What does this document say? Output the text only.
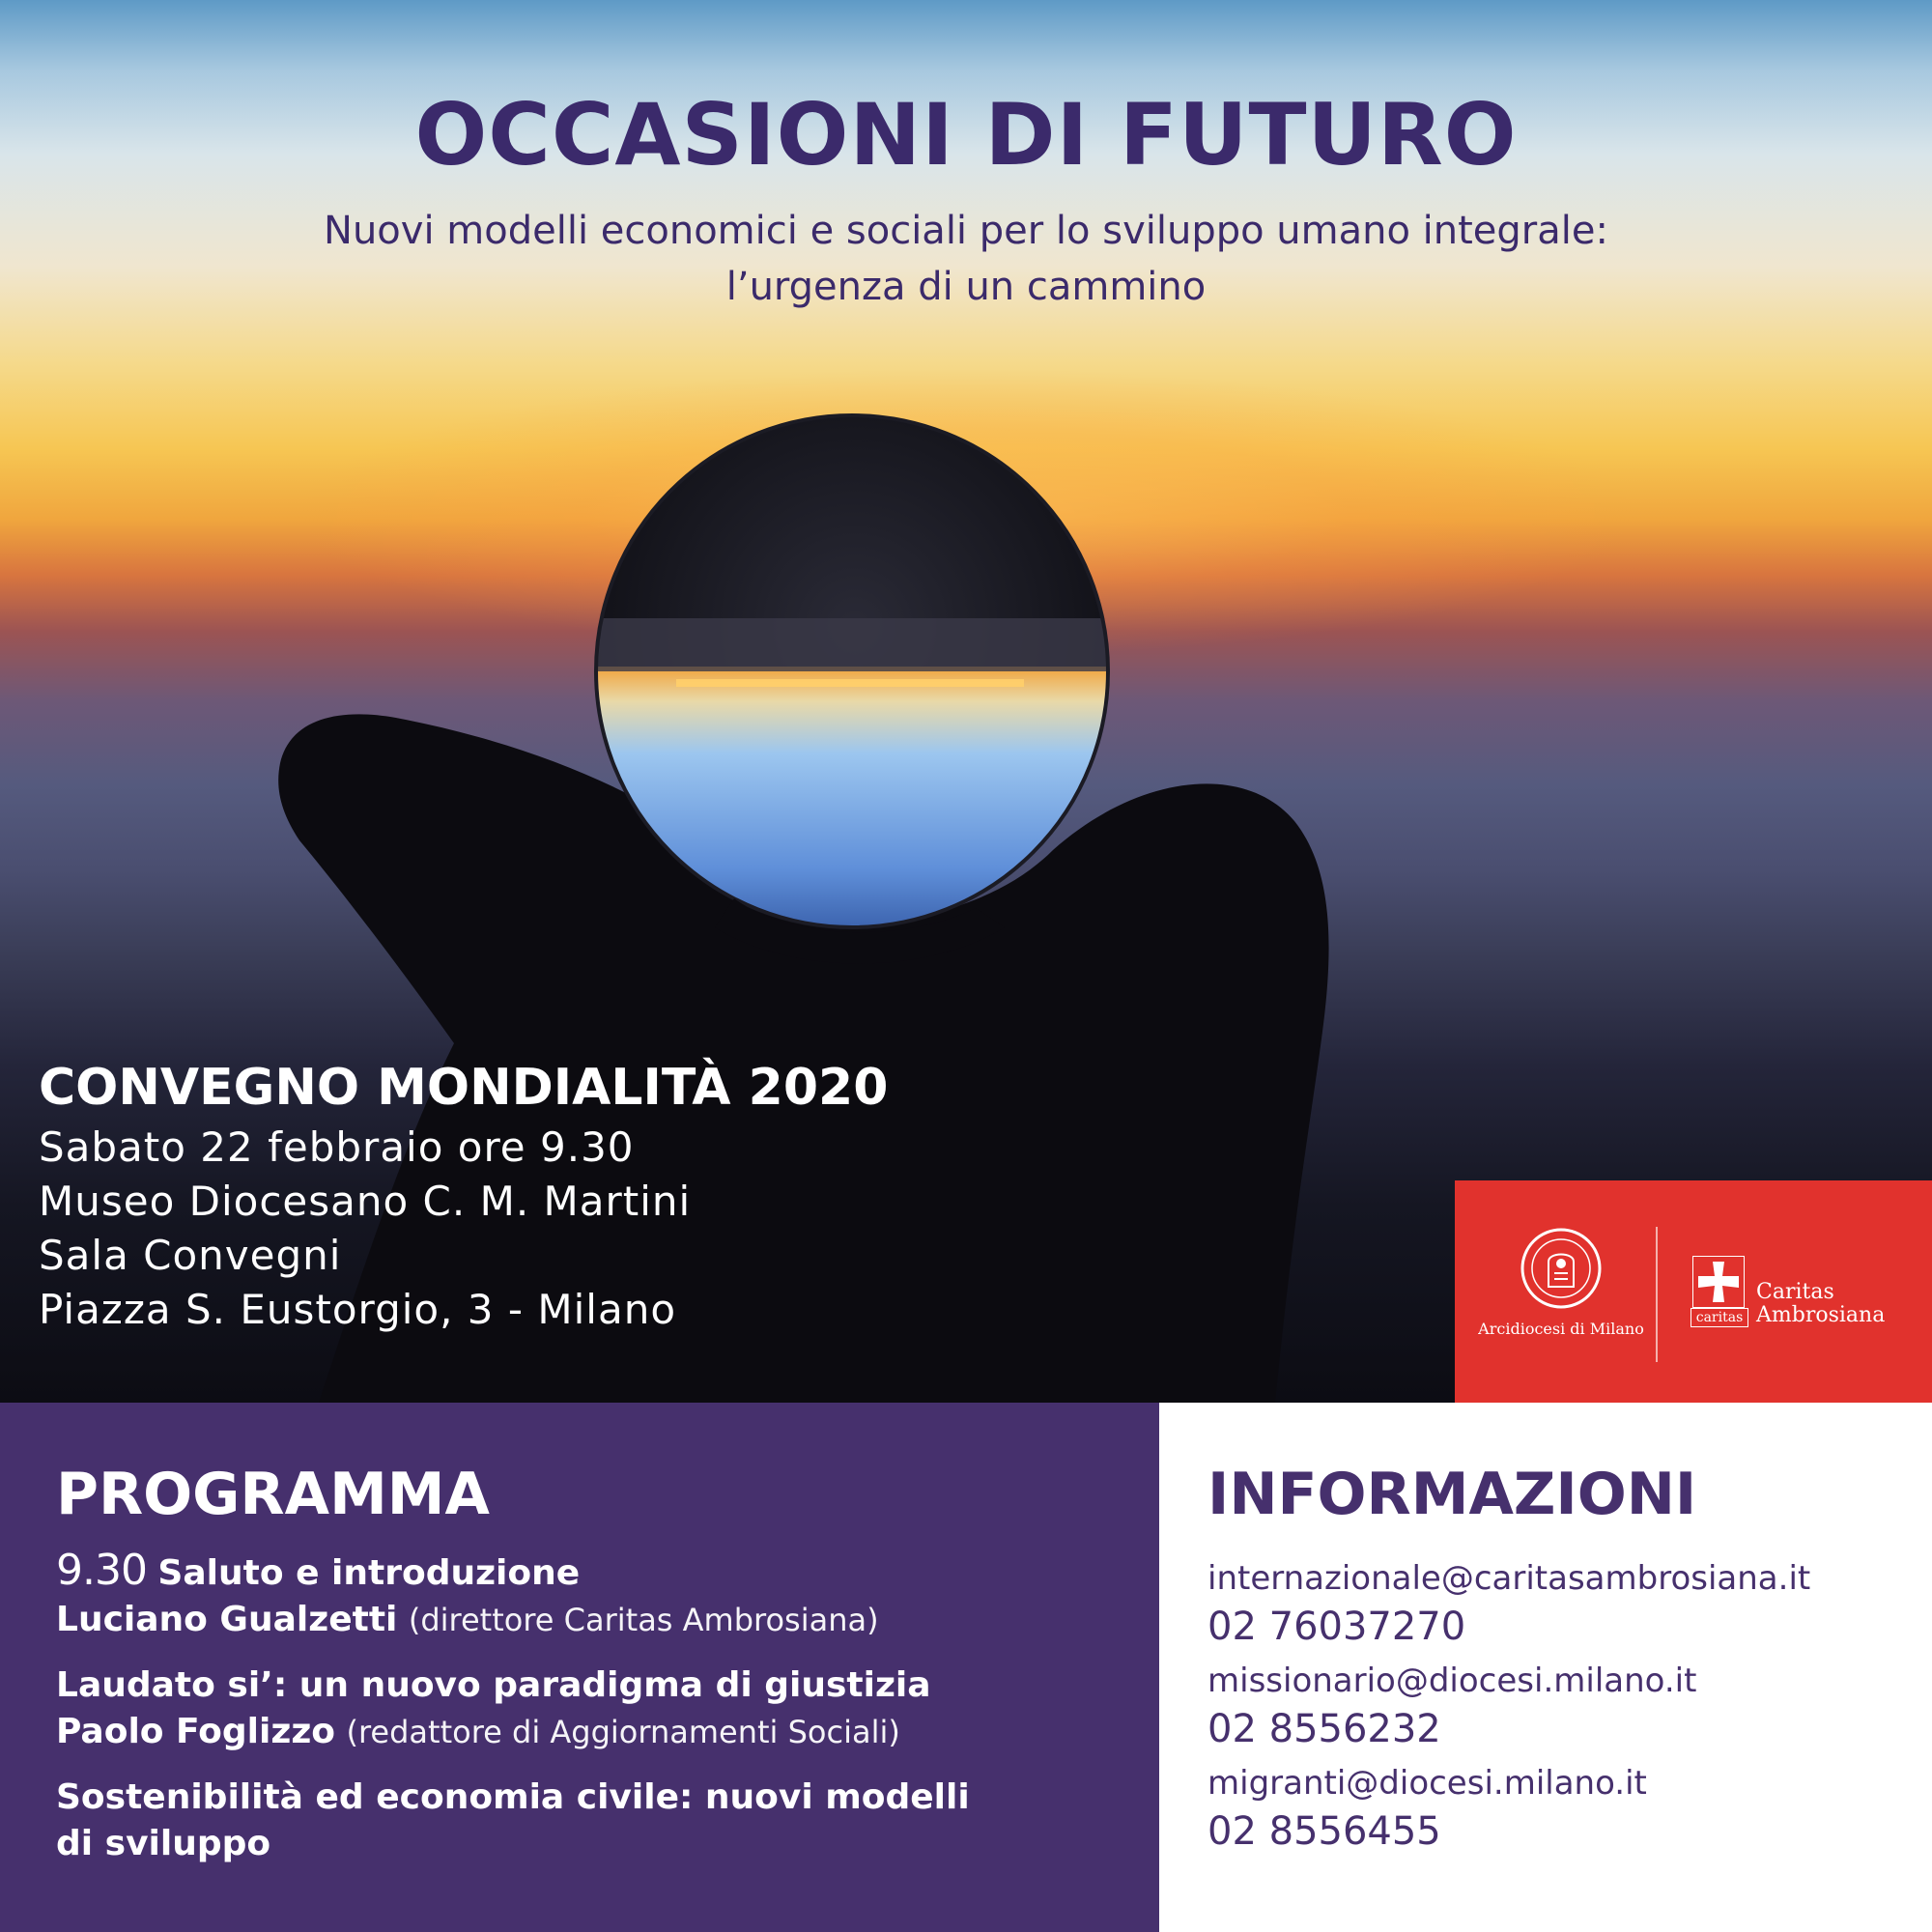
OCCASIONI DI FUTURO

Nuovi modelli economici e sociali per lo sviluppo umano integrale:
l’urgenza di un cammino

CONVEGNO MONDIALITÀ 2020

Sabato 22 febbraio ore 9.30

Museo Diocesano C. M. Martini

Sala Convegni

Piazza S. Eustorgio, 3 - Milano	Arcidiocesi di Milano
caritas
Caritas
Ambrosiana
PROGRAMMA

9.30 Saluto e introduzione

Luciano Gualzetti (direttore Caritas Ambrosiana)

Laudato si’: un nuovo paradigma di giustizia

Paolo Foglizzo (redattore di Aggiornamenti Sociali)

Sostenibilità ed economia civile: nuovi modelli

di sviluppo

INFORMAZIONI

internazionale@caritasambrosiana.it

02 76037270

missionario@diocesi.milano.it

02 8556232

migranti@diocesi.milano.it

02 8556455
